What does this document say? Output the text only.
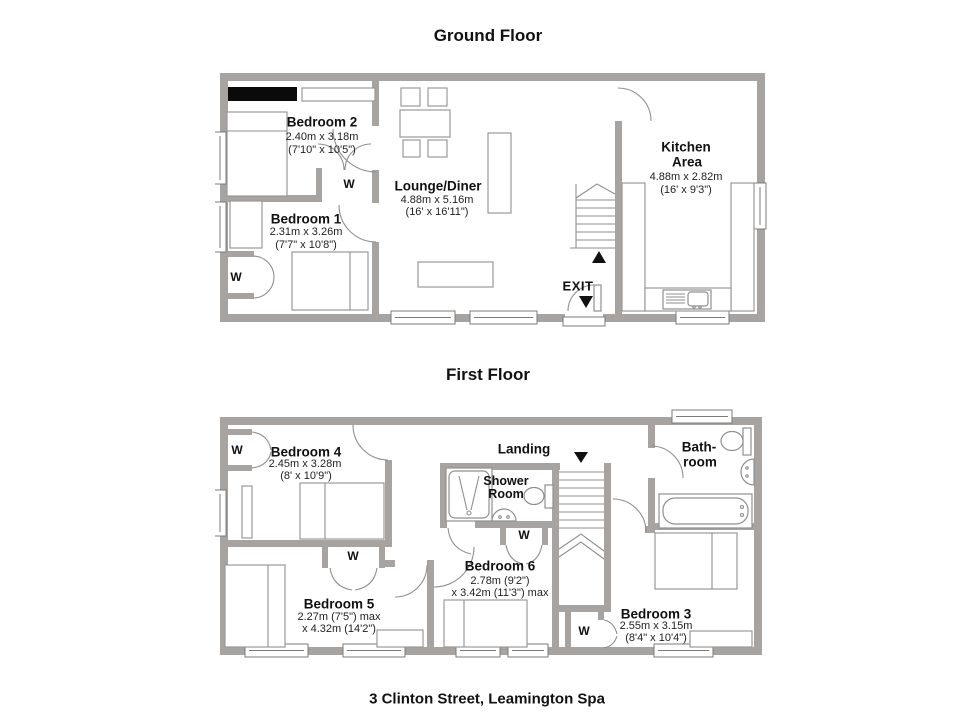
Ground Floor
First Floor
3 Clinton Street, Leamington Spa
Bedroom 2
2.40m x 3.18m
(7'10" x 10'5")
Bedroom 1
2.31m x 3.26m
(7'7" x 10'8")
Lounge/Diner
4.88m x 5.16m
(16' x 16'11")
Kitchen
Area
4.88m x 2.82m
(16' x 9'3")
EXIT
W
W
Bedroom 4
2.45m x 3.28m
(8' x 10'9")
Bedroom 5
2.27m (7'5") max
x 4.32m (14'2")
Bedroom 6
2.78m (9'2")
x 3.42m (11'3") max
Bedroom 3
2.55m x 3.15m
(8'4" x 10'4")
Landing
Shower
Room
Bath-
room
W
W
W
W
